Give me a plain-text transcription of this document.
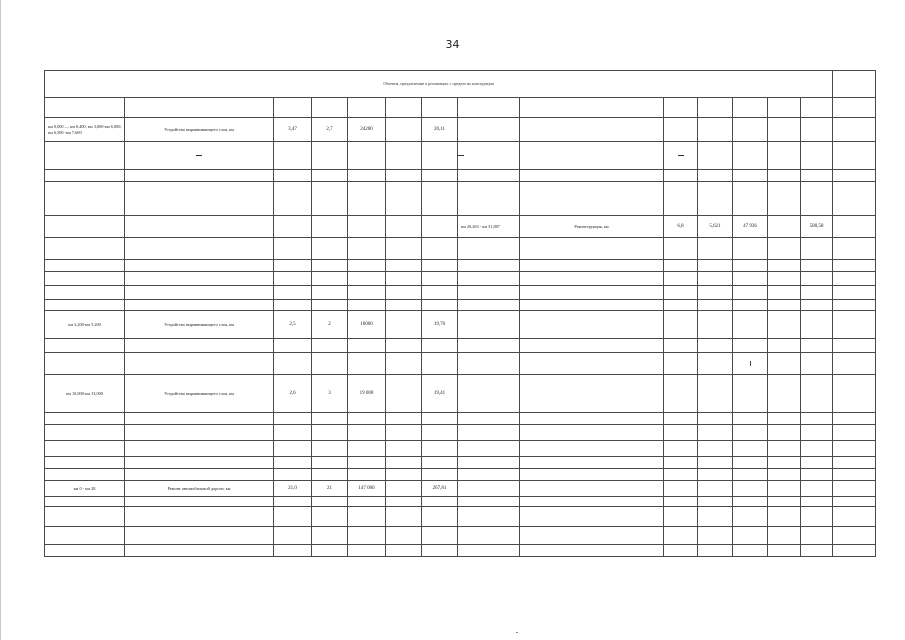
34
Объекты, предлагаемые к реализации, с пределе их конструкции														

км 0,000 — км 0,400; км 3,000-км 6,000; км 6,500 -км 7,600	Устройство выравнивающего слоя, км	3,47	2,7	24200		20,11								

							км 20,263 - км 31,887	Реконструкция, км	6,8	5,621	47 936		580,58	

км 3,200-км 5,200	Устройство выравнивающего слоя, км	2,5	2	16000		19,70								

км 10,000-км 13,000	Устройство выравнивающего слоя, км	2,6	3	19 000		19,41								

км 0 - км 28	Ремонт автомобильной дороги, км	21,0	21	147 000		267,81								
